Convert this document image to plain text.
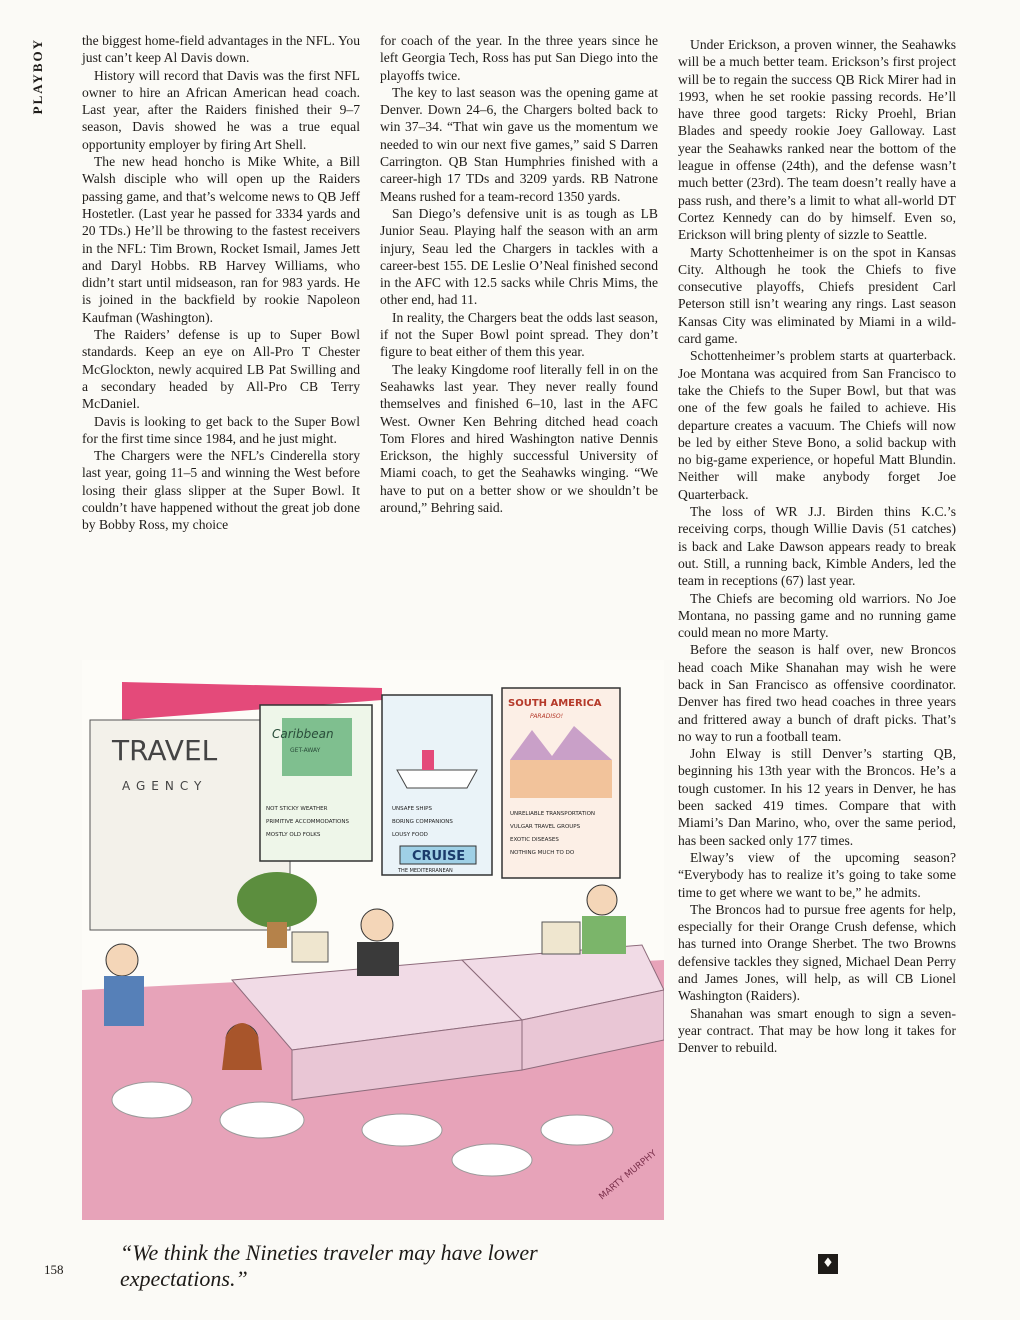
PLAYBOY	the biggest home-field advantages in the NFL. You just can’t keep Al Davis down.

History will record that Davis was the first NFL owner to hire an African American head coach. Last year, after the Raiders finished their 9–7 season, Davis showed he was a true equal opportunity employer by firing Art Shell.

The new head honcho is Mike White, a Bill Walsh disciple who will open up the Raiders passing game, and that’s welcome news to QB Jeff Hostetler. (Last year he passed for 3334 yards and 20 TDs.) He’ll be throwing to the fastest receivers in the NFL: Tim Brown, Rocket Ismail, James Jett and Daryl Hobbs. RB Harvey Williams, who didn’t start until midseason, ran for 983 yards. He is joined in the backfield by rookie Napoleon Kaufman (Washington).

The Raiders’ defense is up to Super Bowl standards. Keep an eye on All-Pro T Chester McGlockton, newly acquired LB Pat Swilling and a secondary headed by All-Pro CB Terry McDaniel.

Davis is looking to get back to the Super Bowl for the first time since 1984, and he just might.

The Chargers were the NFL’s Cinderella story last year, going 11–5 and winning the West before losing their glass slipper at the Super Bowl. It couldn’t have happened without the great job done by Bobby Ross, my choice

for coach of the year. In the three years since he left Georgia Tech, Ross has put San Diego into the playoffs twice.

The key to last season was the opening game at Denver. Down 24–6, the Chargers bolted back to win 37–34. “That win gave us the momentum we needed to win our next five games,” said S Darren Carrington. QB Stan Humphries finished with a career-high 17 TDs and 3209 yards. RB Natrone Means rushed for a team-record 1350 yards.

San Diego’s defensive unit is as tough as LB Junior Seau. Playing half the season with an arm injury, Seau led the Chargers in tackles with a career-best 155. DE Leslie O’Neal finished second in the AFC with 12.5 sacks while Chris Mims, the other end, had 11.

In reality, the Chargers beat the odds last season, if not the Super Bowl point spread. They don’t figure to beat either of them this year.

The leaky Kingdome roof literally fell in on the Seahawks last year. They never really found themselves and finished 6–10, last in the AFC West. Owner Ken Behring ditched head coach Tom Flores and hired Washington native Dennis Erickson, the highly successful University of Miami coach, to get the Seahawks winging. “We have to put on a better show or we shouldn’t be around,” Behring said.

Under Erickson, a proven winner, the Seahawks will be a much better team. Erickson’s first project will be to regain the success QB Rick Mirer had in 1993, when he set rookie passing records. He’ll have three good targets: Ricky Proehl, Brian Blades and speedy rookie Joey Galloway. Last year the Seahawks ranked near the bottom of the league in offense (24th), and the defense wasn’t much better (23rd). The team doesn’t really have a pass rush, and there’s a limit to what all-world DT Cortez Kennedy can do by himself. Even so, Erickson will bring plenty of sizzle to Seattle.

Marty Schottenheimer is on the spot in Kansas City. Although he took the Chiefs to five consecutive playoffs, Chiefs president Carl Peterson still isn’t wearing any rings. Last season Kansas City was eliminated by Miami in a wild-card game.

Schottenheimer’s problem starts at quarterback. Joe Montana was acquired from San Francisco to take the Chiefs to the Super Bowl, but that was one of the few goals he failed to achieve. His departure creates a vacuum. The Chiefs will now be led by either Steve Bono, a solid backup with no big-game experience, or hopeful Matt Blundin. Neither will make anybody forget Joe Quarterback.

The loss of WR J.J. Birden thins K.C.’s receiving corps, though Willie Davis (51 catches) is back and Lake Dawson appears ready to break out. Still, a running back, Kimble Anders, led the team in receptions (67) last year.

The Chiefs are becoming old warriors. No Joe Montana, no passing game and no running game could mean no more Marty.

Before the season is half over, new Broncos head coach Mike Shanahan may wish he were back in San Francisco as offensive coordinator. Denver has fired two head coaches in three years and frittered away a bunch of draft picks. That’s no way to run a football team.

John Elway is still Denver’s starting QB, beginning his 13th year with the Broncos. He’s a tough customer. In his 12 years in Denver, he has been sacked 419 times. Compare that with Miami’s Dan Marino, who, over the same period, has been sacked only 177 times.

Elway’s view of the upcoming season? “Everybody has to realize it’s going to take some time to get where we want to be,” he admits.

The Broncos had to pursue free agents for help, especially for their Orange Crush defense, which has turned into Orange Sherbet. The two Browns defensive tackles they signed, Michael Dean Perry and James Jones, will help, as will CB Lionel Washington (Raiders).

Shanahan was smart enough to sign a seven-year contract. That may be how long it takes for Denver to rebuild.

TRAVEL
AGENCY
Caribbean
GET-AWAY
NOT STICKY WEATHER
PRIMITIVE ACCOMMODATIONS
MOSTLY OLD FOLKS
UNSAFE SHIPS
BORING COMPANIONS
LOUSY FOOD
CRUISE
THE MEDITERRANEAN
SOUTH AMERICA
PARADISO!
UNRELIABLE TRANSPORTATION
VULGAR TRAVEL GROUPS
EXOTIC DISEASES
NOTHING MUCH TO DO
MARTY MURPHY
158
“We think the Nineties traveler may have lower expectations.”
♦
